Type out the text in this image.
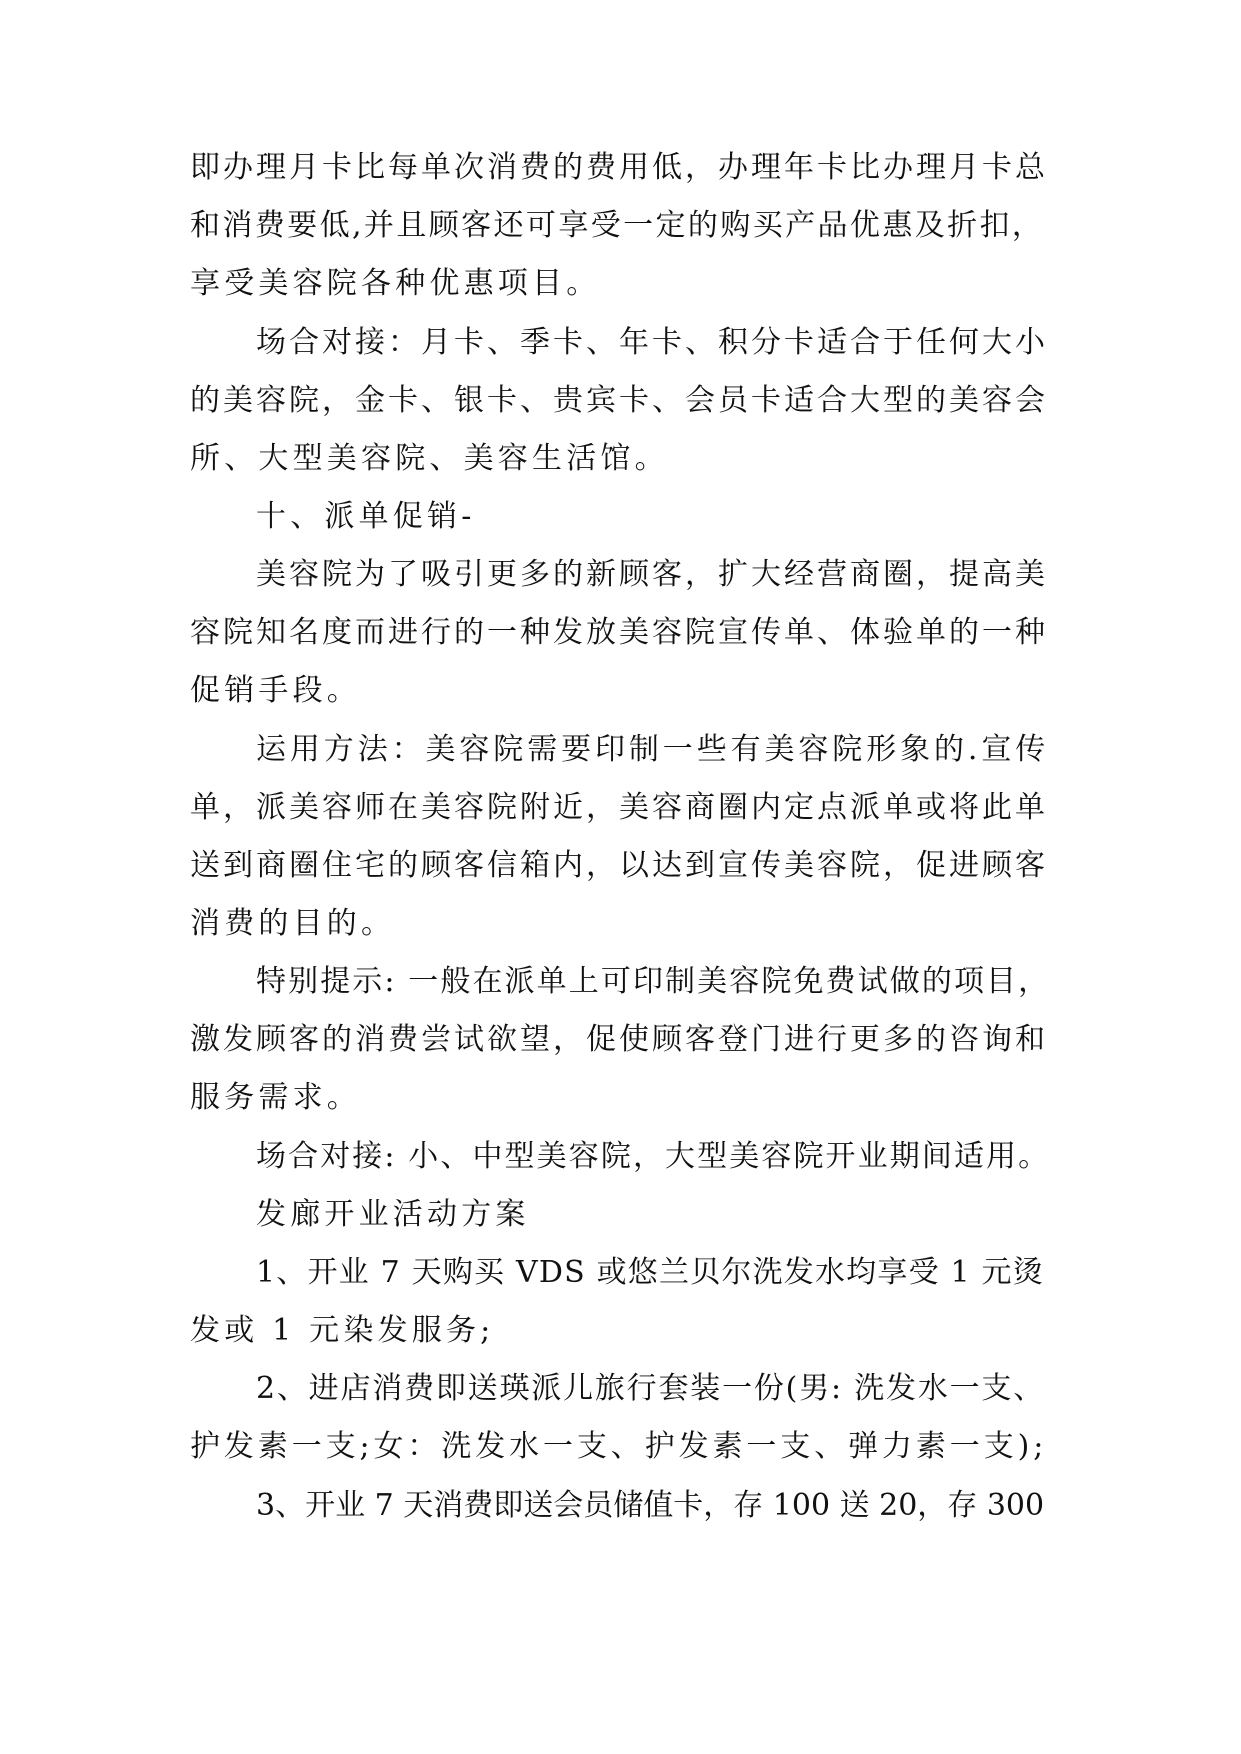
即办理月卡比每单次消费的费用低，办理年卡比办理月卡总
和消费要低,并且顾客还可享受一定的购买产品优惠及折扣，
享受美容院各种优惠项目。
场合对接：月卡、季卡、年卡、积分卡适合于任何大小
的美容院，金卡、银卡、贵宾卡、会员卡适合大型的美容会
所、大型美容院、美容生活馆。
十、派单促销-
美容院为了吸引更多的新顾客，扩大经营商圈，提高美
容院知名度而进行的一种发放美容院宣传单、体验单的一种
促销手段。
运用方法：美容院需要印制一些有美容院形象的.宣传
单，派美容师在美容院附近，美容商圈内定点派单或将此单
送到商圈住宅的顾客信箱内，以达到宣传美容院，促进顾客
消费的目的。
特别提示: 一般在派单上可印制美容院免费试做的项目，
激发顾客的消费尝试欲望，促使顾客登门进行更多的咨询和
服务需求。
场合对接: 小、中型美容院，大型美容院开业期间适用。
发廊开业活动方案
1、开业 7 天购买 VDS 或悠兰贝尔洗发水均享受 1 元烫
发或 1 元染发服务;
2、进店消费即送瑛派儿旅行套装一份(男: 洗发水一支、
护发素一支;女：洗发水一支、护发素一支、弹力素一支);
3、开业 7 天消费即送会员储值卡，存 100 送 20，存 300
